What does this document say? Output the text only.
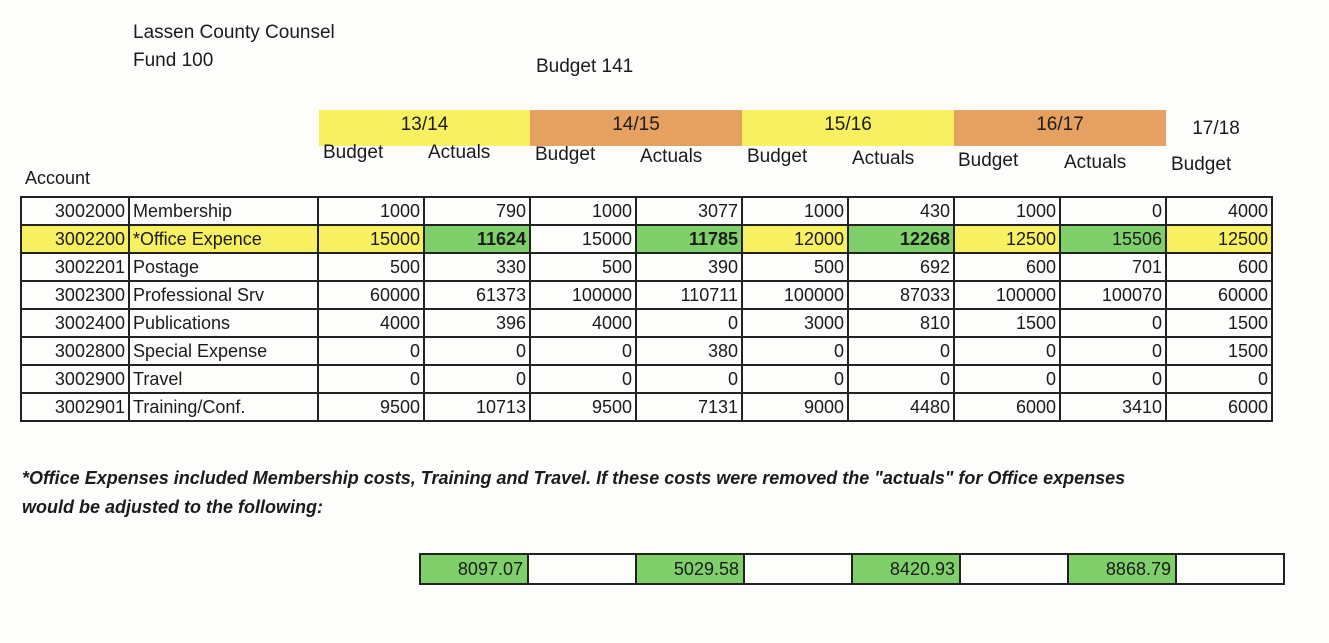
Lassen County Counsel
Fund 100	Budget 141
13/14	14/15	15/16	16/17	17/18
Budget Actuals Budget Actuals Budget Actuals Budget Actuals Budget
Account
3002000	Membership	1000	790	1000	3077	1000	430	1000	0	4000
3002200	*Office Expence	15000	11624	15000	11785	12000	12268	12500	15506	12500
3002201	Postage	500	330	500	390	500	692	600	701	600
3002300	Professional Srv	60000	61373	100000	110711	100000	87033	100000	100070	60000
3002400	Publications	4000	396	4000	0	3000	810	1500	0	1500
3002800	Special Expense	0	0	0	380	0	0	0	0	1500
3002900	Travel	0	0	0	0	0	0	0	0	0
3002901	Training/Conf.	9500	10713	9500	7131	9000	4480	6000	3410	6000
*Office Expenses included Membership costs, Training and Travel. If these costs were removed the "actuals" for Office expenses would be adjusted to the following:
8097.07		5029.58		8420.93		8868.79	
